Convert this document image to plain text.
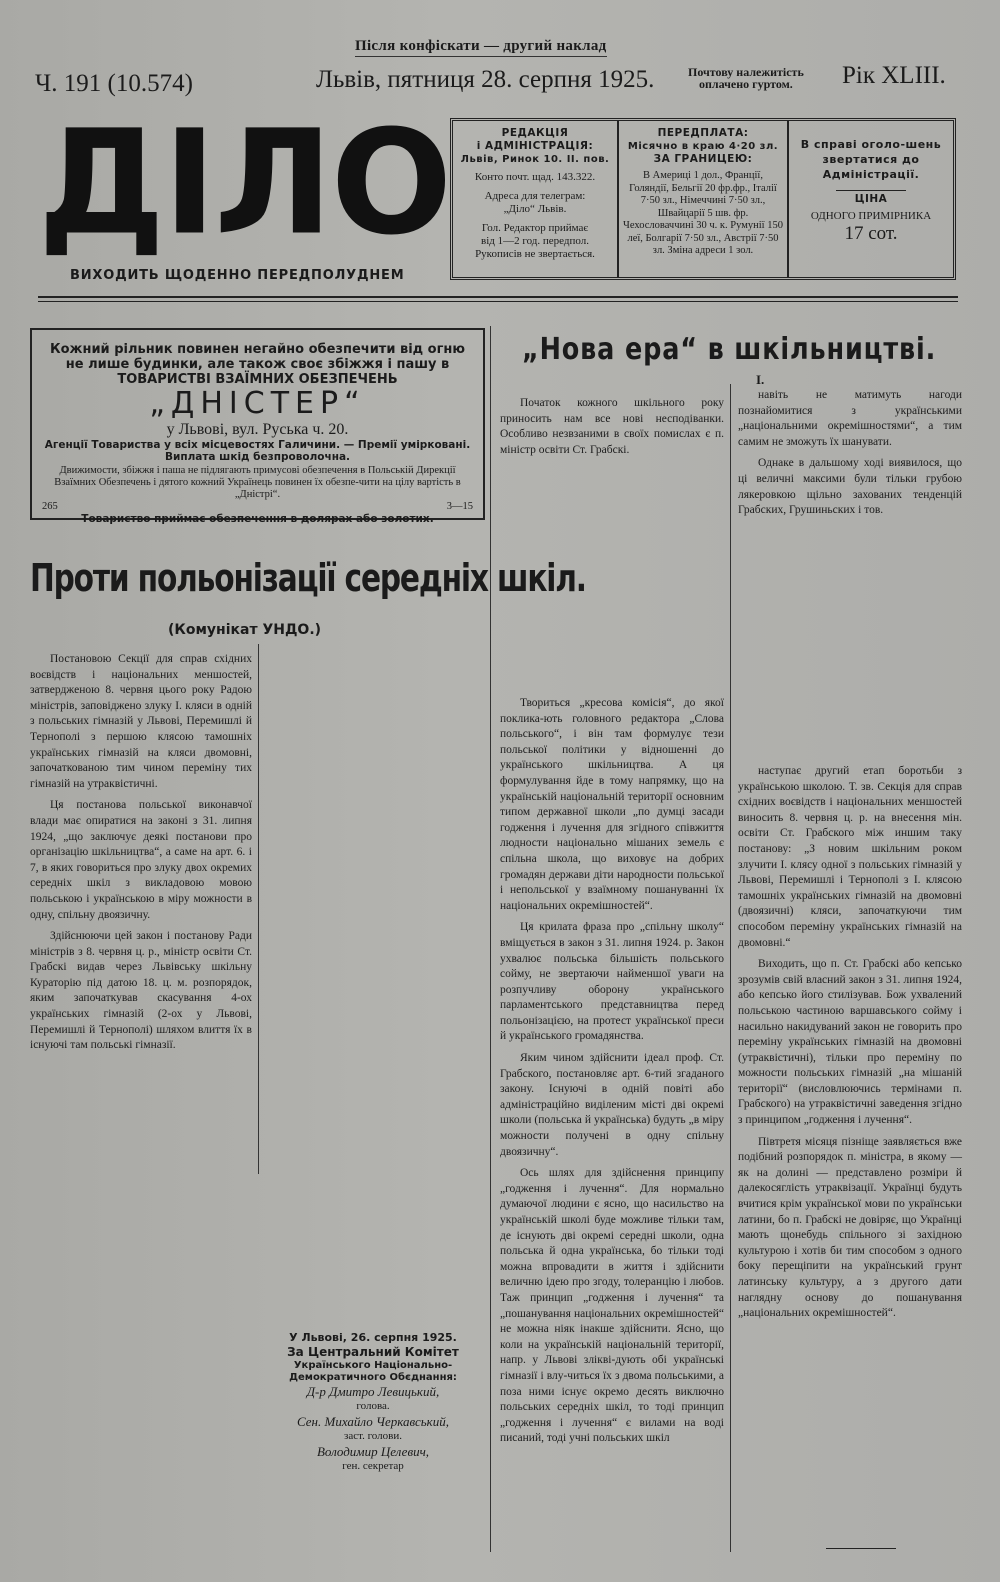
Після конфіскати — другий наклад
Ч. 191 (10.574)	Львів, пятниця 28. серпня 1925.	Почтову належитість
оплачено гуртом.	Рік XLIII.
ДІЛО
ВИХОДИТЬ ЩОДЕННО ПЕРЕДПОЛУДНЕМ
РЕДАКЦІЯ
і АДМІНІСТРАЦІЯ:
Львів, Ринок 10. II. пов.
Конто почт. щад. 143.322.
Адреса для телеграм:
„Діло“ Львів.
Гол. Редактор приймає
від 1—2 год. передпол.
Рукописів не звертається.
ПЕРЕДПЛАТА:
Місячно в краю 4·20 зл.
ЗА ГРАНИЦЕЮ:
В Америці 1 дол., Франції, Голяндії, Бельгії 20 фр.фр., Італії 7·50 зл., Німеччині 7·50 зл., Швайцарії 5 шв. фр. Чехословаччині 30 ч. к. Румунії 150 леї, Болгарії 7·50 зл., Австрії 7·50 зл. Зміна адреси 1 зол.
В справі оголо-шень звертатися до Адміністрації.
ЦІНА
ОДНОГО ПРИМІРНИКА
17 сот.
Кожний рільник повинен негайно обезпечити від огню не лише будинки, але також своє збіжжя і пашу в ТОВАРИСТВІ ВЗАЇМНИХ ОБЕЗПЕЧЕНЬ
„ДНІСТЕР“
у Львові, вул. Руська ч. 20.
Агенції Товариства у всіх місцевостях Галичини. — Премії умірковані. Виплата шкід безпроволочна.
Движимости, збіжжя і паша не підлягають примусові обезпечення в Польській Дирекції Взаїмних Обезпечень і дятого кожний Українець повинен їх обезпе-чити на цілу вартість в „Дністрі“.
265	3—15
Товариство приймає обезпечення в долярах або золотих.
Проти польонізації середніх шкіл.
(Комунікат УНДО.)

Постановою Секції для справ східних воєвідств і національних меншостей, затвердженою 8. червня цього року Радою міністрів, заповіджено злуку I. кляси в одній з польських гімназій у Львові, Перемишлі й Тернополі з першою клясою тамошніх українських гімназій на кляси двомовні, започаткованою тим чином переміну тих гімназій на утраквістичні.

Ця постанова польської виконавчої влади має опиратися на законі з 31. липня 1924, „що заключує деякі постанови про організацію шкільництва“, а саме на арт. 6. і 7, в яких говориться про злуку двох окремих середніх шкіл з викладовою мовою польською і українською в міру можности в одну, спільну двоязичну.

Здійснюючи цей закон і постанову Ради міністрів з 8. червня ц. р., міністр освіти Ст. Грабскі видав через Львівську шкільну Кураторію під датою 18. ц. м. розпорядок, яким започаткував скасування 4-ох українських гімназій (2-ох у Львові, Перемишлі й Тернополі) шляхом влиття їх в існуючі там польські гімназії.

У Львові, 26. серпня 1925.
За Центральний Комітет
Українського Національно-Демократичного Обєднання:
Д-р Дмитро Левицький,
голова.
Сен. Михайло Черкавський,
заст. голови.
Володимир Целевич,
ген. секретар
„Нова ера“ в шкільництві.
I.

Початок кожного шкільного року приносить нам все нові несподіванки. Особливо незвзаними в своїх помислах є п. міністр освіти Ст. Грабскі.

Твориться „кресова комісія“, до якої поклика-ють головного редактора „Слова польського“, і він там формулує тези польської політики у відношенні до українського шкільництва. А ця формулування йде в тому напрямку, що на українській національній території основним типом державної школи „по думці засади годження і лучення для згідного співжиття людности національно мішаних земель є спільна школа, що виховує на добрих громадян держави діти народности польської і непольської у взаїмному пошануванні їх національних окремішностей“.

Ця крилата фраза про „спільну школу“ вміщується в закон з 31. липня 1924. р. Закон ухвалює польська більшість польського сойму, не звертаючи найменшої уваги на розпучливу оборону українського парламентського представництва перед польонізацією, на протест української преси й українського громадянства.

Яким чином здійснити ідеал проф. Ст. Грабского, постановляє арт. 6-тий згаданого закону. Існуючі в одній повіті або адміністраційно виділеним місті дві окремі школи (польська й українська) будуть „в міру можности получені в одну спільну двоязичну“.

Ось шлях для здійснення принципу „годження і лучення“. Для нормально думаючої людини є ясно, що насильство на українській школі буде можливе тільки там, де існують дві окремі середні школи, одна польська й одна українська, бо тільки тоді можна впровадити в життя і здійснити величню ідею про згоду, толеранцію і любов. Таж принцип „годження і лучення“ та „пошанування національних окремішностей“ не можна ніяк інакше здійснити. Ясно, що коли на українській національній території, напр. у Львові злікві-дують обі українські гімназії і влу-читься їх з двома польськими, а поза ними існує окремо десять виключно польських середніх шкіл, то тоді принцип „годження і лучення“ є вилами на воді писаний, тоді учні польських шкіл

навіть не матимуть нагоди познайомитися з українськими „національними окремішностями“, а тим самим не зможуть їх шанувати.

Однаке в дальшому ході виявилося, що ці величні максими були тільки грубою лякеровкою щільно захованих тенденцій Грабских, Грушиньских і тов.

наступає другий етап боротьби з українською школою. Т. зв. Секція для справ східних воєвідств і національних меншостей виносить 8. червня ц. р. на внесення мін. освіти Ст. Грабского між иншим таку постанову: „З новим шкільним роком злучити I. клясу одної з польських гімназій у Львові, Перемишлі і Тернополі з I. клясою тамошніх українських гімназій на двомовні (двоязичні) кляси, започаткуючи тим способом переміну українських гімназій на двомовні.“

Виходить, що п. Ст. Грабскі або кепсько зрозумів свій власний закон з 31. липня 1924, або кепсько його стилізував. Бож ухвалений польською частиною варшавського сойму і насильно накидуваний закон не говорить про переміну українських гімназій на двомовні (утраквістичні), тільки про переміну по можности польських гімназій „на мішаній території“ (висловлюючись термінами п. Грабского) на утраквістичні заведення згідно з принципом „годження і лучення“.

Півтретя місяця пізніще заявляється вже подібний розпорядок п. міністра, в якому — як на долині — представлено розміри й далекосяглість утраквізації. Українці будуть вчитися крім української мови по українськи латини, бо п. Грабскі не довіряє, що Українці мають щонебудь спільного зі західною культурою і хотів би тим способом з одного боку перещіпити на український грунт латинську культуру, а з другого дати наглядну основу до пошанування „національних окремішностей“.
